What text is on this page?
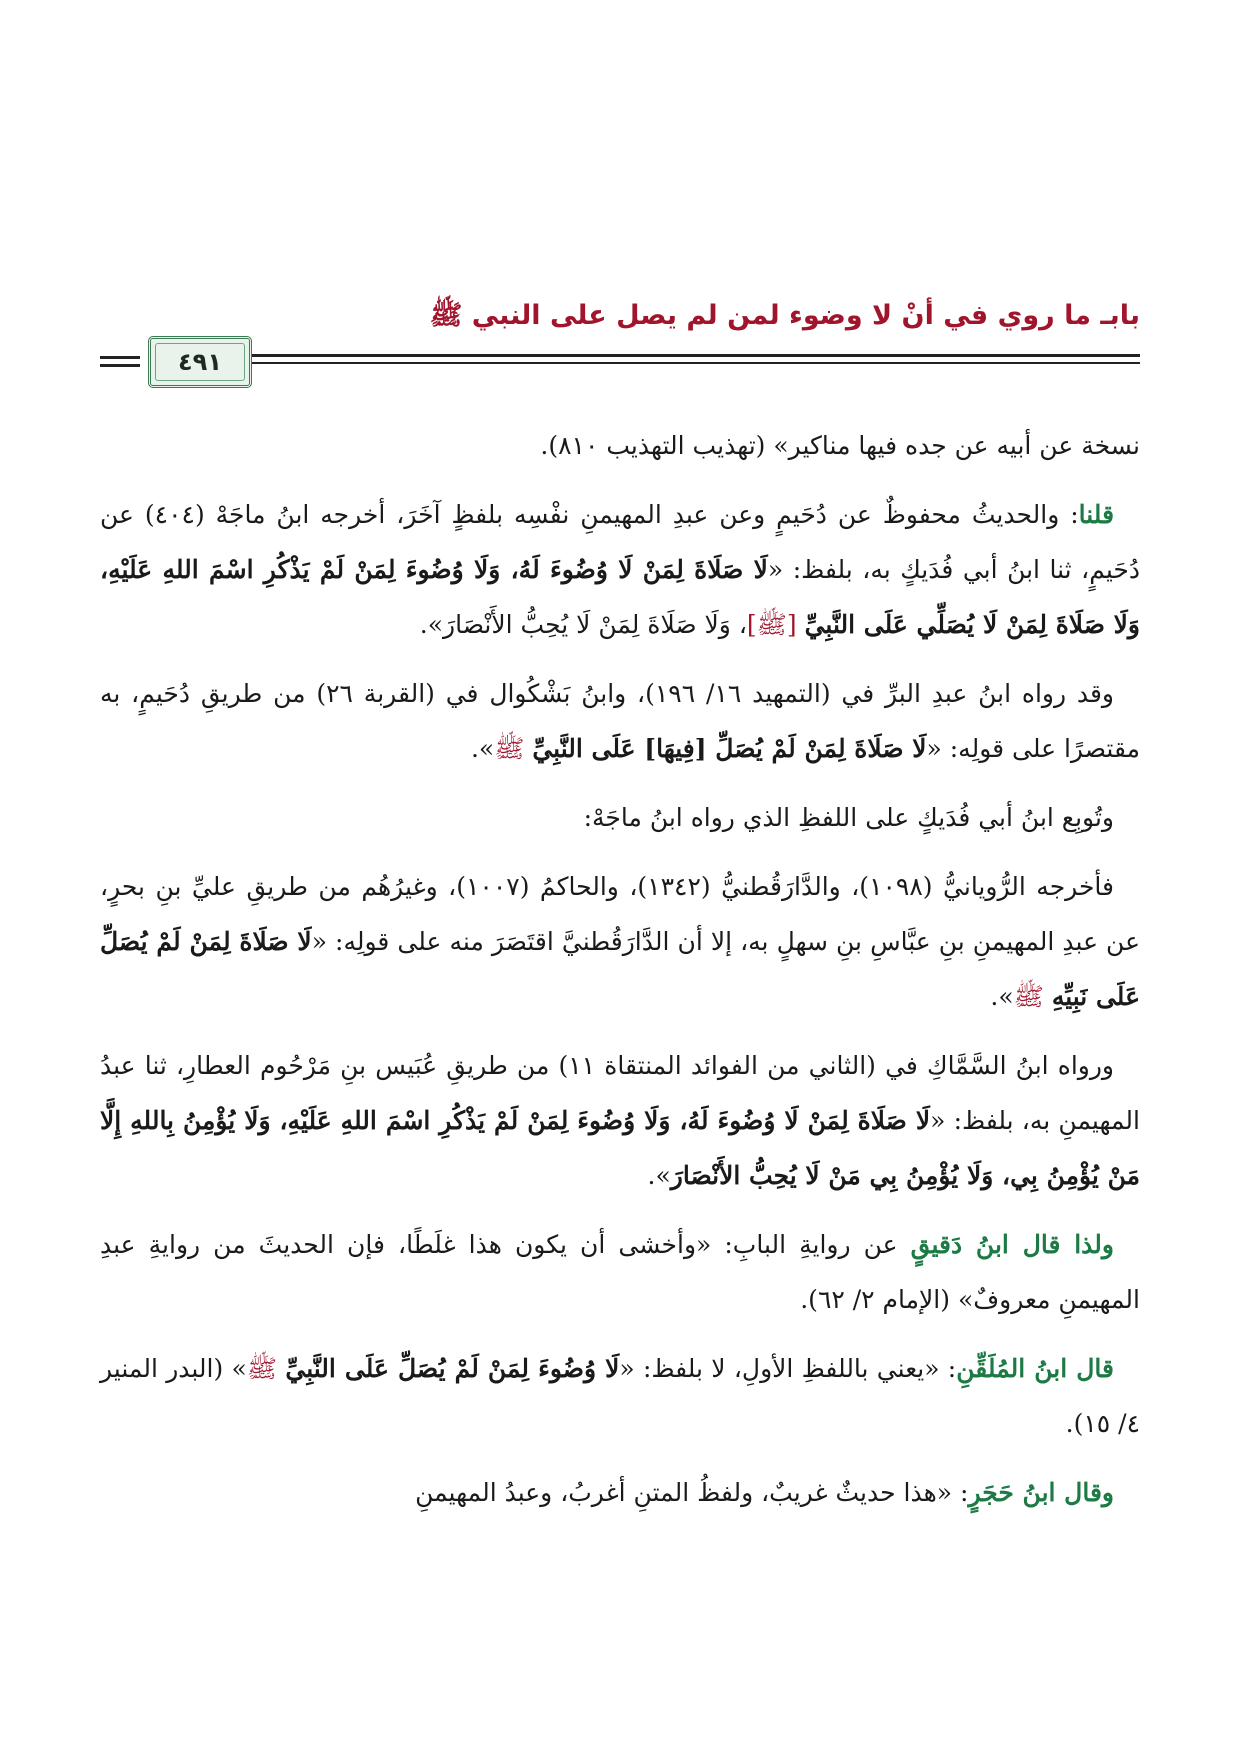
بابـ ما روي في أنْ لا وضوء لمن لم يصل على النبي ﷺ
٤٩١

نسخة عن أبيه عن جده فيها مناكير» (تهذيب التهذيب ٨١٠).

قلنا: والحديثُ محفوظٌ عن دُحَيمٍ وعن عبدِ المهيمنِ نفْسِه بلفظٍ آخَرَ، أخرجه ابنُ ماجَهْ (٤٠٤) عن دُحَيمٍ، ثنا ابنُ أبي فُدَيكٍ به، بلفظ: «لَا صَلَاةَ لِمَنْ لَا وُضُوءَ لَهُ، وَلَا وُضُوءَ لِمَنْ لَمْ يَذْكُرِ اسْمَ اللهِ عَلَيْهِ، وَلَا صَلَاةَ لِمَنْ لَا يُصَلِّي عَلَى النَّبِيِّ [ﷺ]، وَلَا صَلَاةَ لِمَنْ لَا يُحِبُّ الأَنْصَارَ».

وقد رواه ابنُ عبدِ البرِّ في (التمهيد ١٦/ ١٩٦)، وابنُ بَشْكُوال في (القربة ٢٦) من طريقِ دُحَيمٍ، به مقتصرًا على قولِه: «لَا صَلَاةَ لِمَنْ لَمْ يُصَلِّ [فِيهَا] عَلَى النَّبِيِّ ﷺ».

وتُوبِع ابنُ أبي فُدَيكٍ على اللفظِ الذي رواه ابنُ ماجَهْ:

فأخرجه الرُّويانيُّ (١٠٩٨)، والدَّارَقُطنيُّ (١٣٤٢)، والحاكمُ (١٠٠٧)، وغيرُهُم من طريقِ عليِّ بنِ بحرٍ، عن عبدِ المهيمنِ بنِ عبَّاسِ بنِ سهلٍ به، إلا أن الدَّارَقُطنيَّ اقتَصَرَ منه على قولِه: «لَا صَلَاةَ لِمَنْ لَمْ يُصَلِّ عَلَى نَبِيِّهِ ﷺ».

ورواه ابنُ السَّمَّاكِ في (الثاني من الفوائد المنتقاة ١١) من طريقِ عُبَيس بنِ مَرْحُوم العطارِ، ثنا عبدُ المهيمنِ به، بلفظ: «لَا صَلَاةَ لِمَنْ لَا وُضُوءَ لَهُ، وَلَا وُضُوءَ لِمَنْ لَمْ يَذْكُرِ اسْمَ اللهِ عَلَيْهِ، وَلَا يُؤْمِنُ بِاللهِ إِلَّا مَنْ يُؤْمِنُ بِي، وَلَا يُؤْمِنُ بِي مَنْ لَا يُحِبُّ الأَنْصَارَ».

ولذا قال ابنُ دَقيقٍ عن روايةِ البابِ: «وأخشى أن يكون هذا غلَطًا، فإن الحديثَ من روايةِ عبدِ المهيمنِ معروفٌ» (الإمام ٢/ ٦٢).

قال ابنُ المُلَقِّنِ: «يعني باللفظِ الأولِ، لا بلفظ: «لَا وُضُوءَ لِمَنْ لَمْ يُصَلِّ عَلَى النَّبِيِّ ﷺ» (البدر المنير ٤/ ١٥).

وقال ابنُ حَجَرٍ: «هذا حديثٌ غريبٌ، ولفظُ المتنِ أغربُ، وعبدُ المهيمنِ
